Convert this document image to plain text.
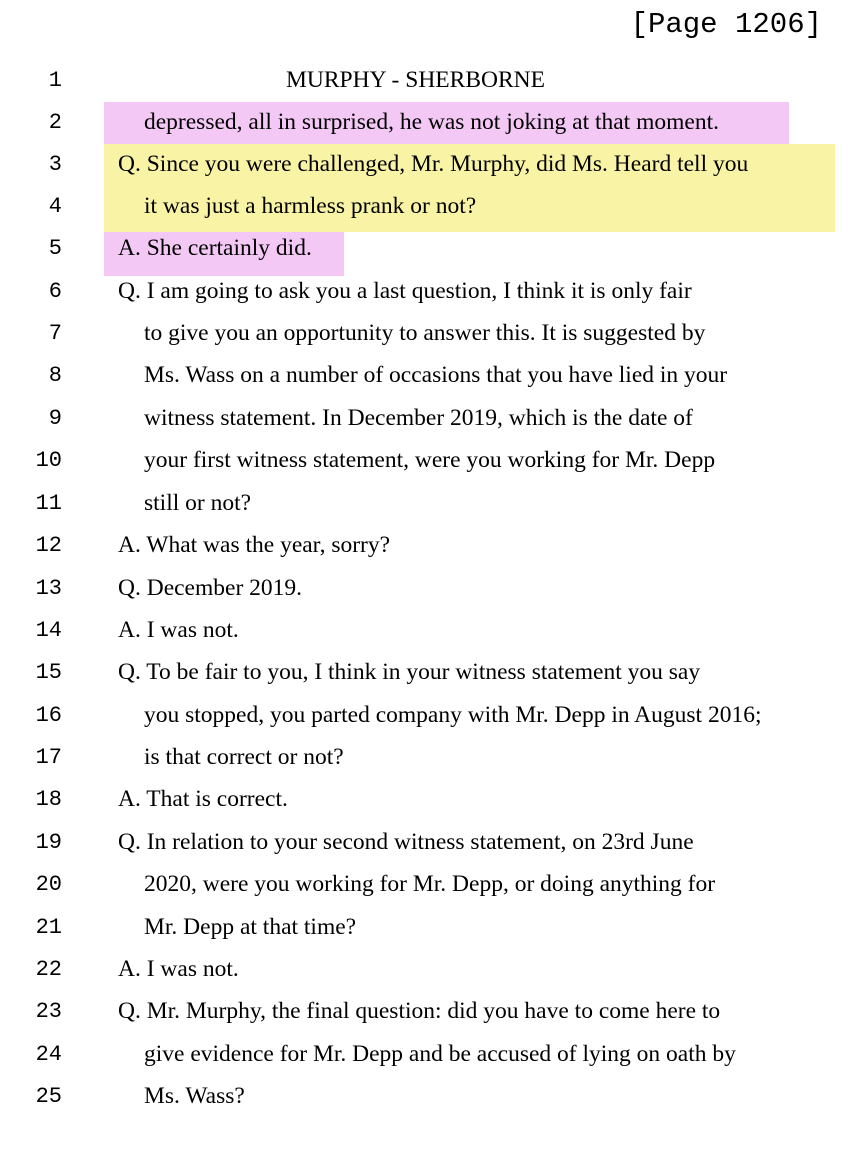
[Page 1206]
1	MURPHY - SHERBORNE
2	depressed, all in surprised, he was not joking at that moment.
3 Q. Since you were challenged, Mr. Murphy, did Ms. Heard tell you
4	it was just a harmless prank or not?
5 A. She certainly did.
6 Q. I am going to ask you a last question, I think it is only fair
7	to give you an opportunity to answer this. It is suggested by
8	Ms. Wass on a number of occasions that you have lied in your
9	witness statement. In December 2019, which is the date of
10	your first witness statement, were you working for Mr. Depp
11	still or not?
12 A. What was the year, sorry?
13 Q. December 2019.
14 A. I was not.
15 Q. To be fair to you, I think in your witness statement you say
16	you stopped, you parted company with Mr. Depp in August 2016;
17	is that correct or not?
18 A. That is correct.
19 Q. In relation to your second witness statement, on 23rd June
20	2020, were you working for Mr. Depp, or doing anything for
21	Mr. Depp at that time?
22 A. I was not.
23 Q. Mr. Murphy, the final question: did you have to come here to
24	give evidence for Mr. Depp and be accused of lying on oath by
25	Ms. Wass?
